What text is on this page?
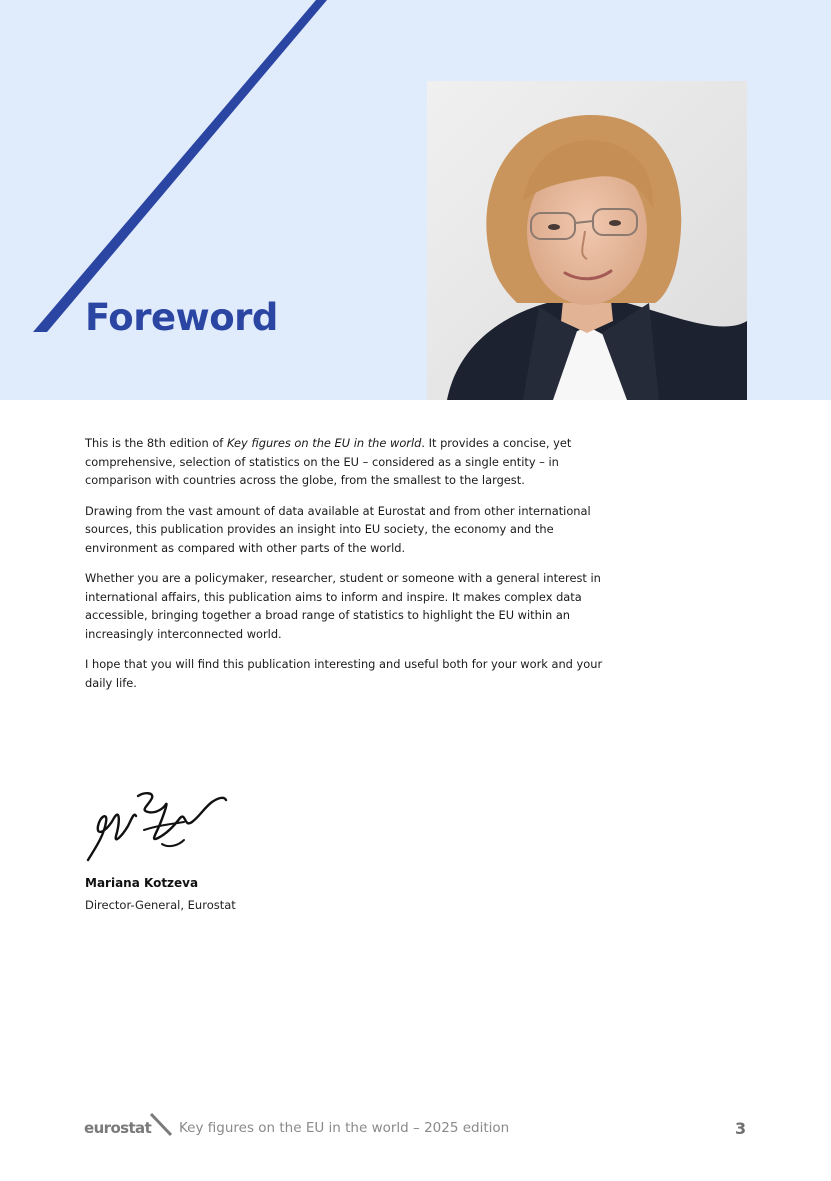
Foreword

This is the 8th edition of Key figures on the EU in the world. It provides a concise, yet comprehensive, selection of statistics on the EU – considered as a single entity – in comparison with countries across the globe, from the smallest to the largest.

Drawing from the vast amount of data available at Eurostat and from other international sources, this publication provides an insight into EU society, the economy and the environment as compared with other parts of the world.

Whether you are a policymaker, researcher, student or someone with a general interest in international affairs, this publication aims to inform and inspire. It makes complex data accessible, bringing together a broad range of statistics to highlight the EU within an increasingly interconnected world.

I hope that you will find this publication interesting and useful both for your work and your daily life.

Mariana Kotzeva
Director-General, Eurostat
eurostat Key figures on the EU in the world – 2025 edition	3
